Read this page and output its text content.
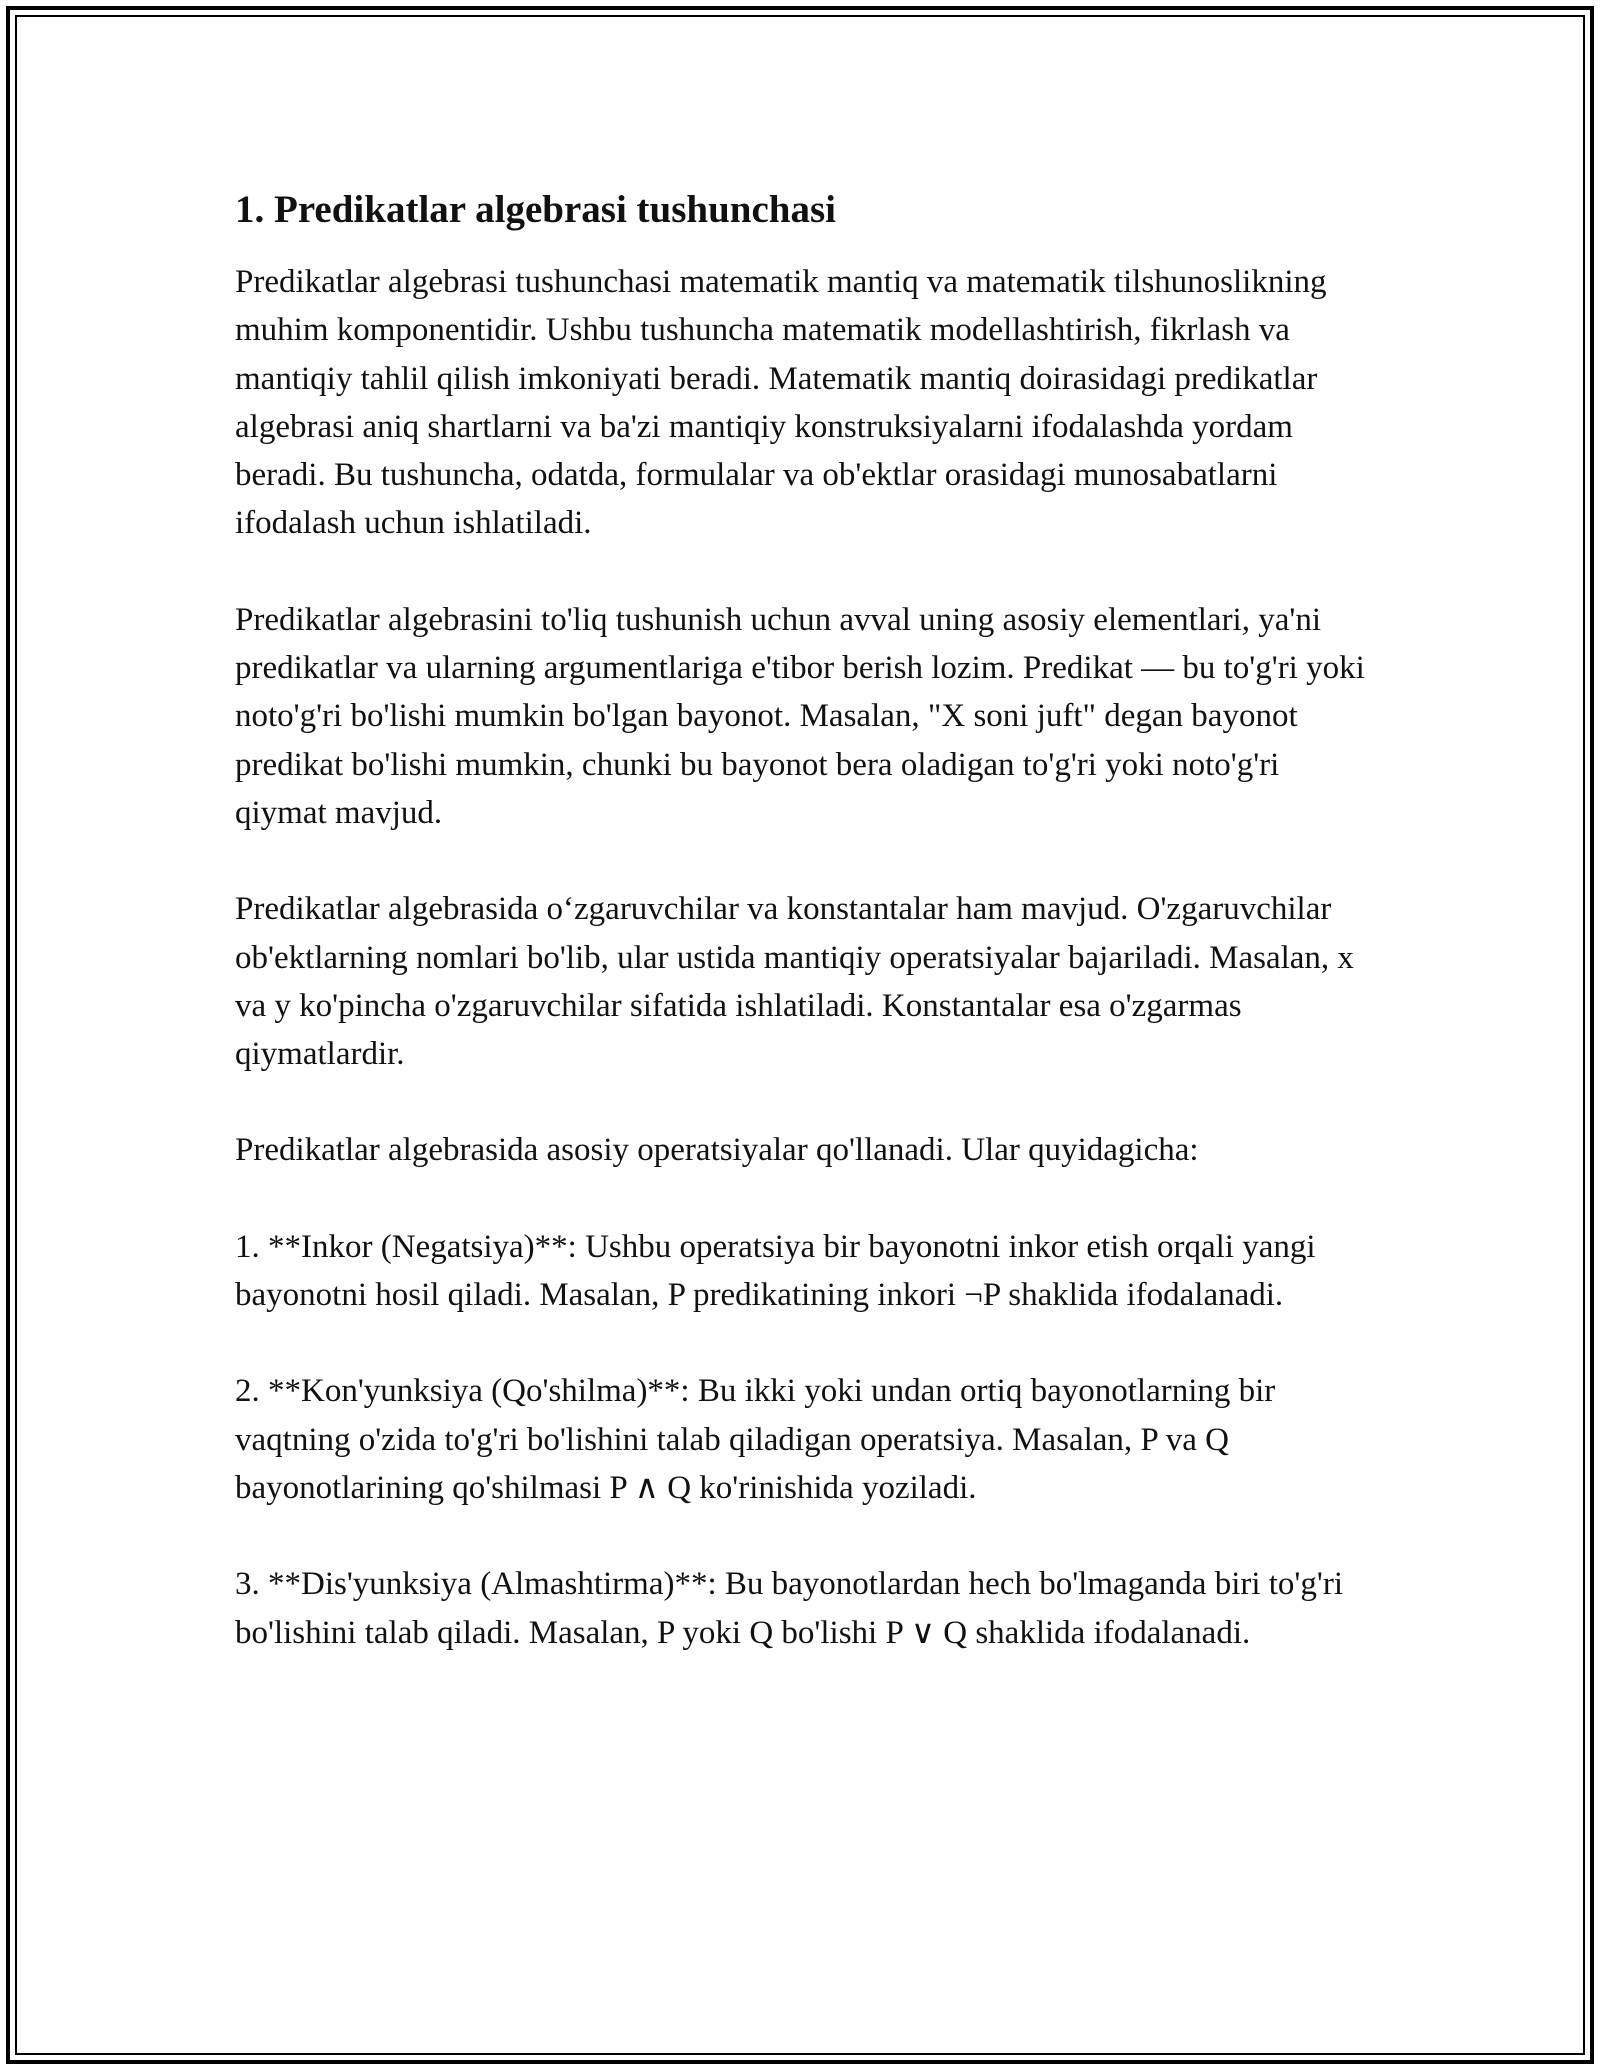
1. Predikatlar algebrasi tushunchasi

Predikatlar algebrasi tushunchasi matematik mantiq va matematik tilshunoslikning muhim komponentidir. Ushbu tushuncha matematik modellashtirish, fikrlash va mantiqiy tahlil qilish imkoniyati beradi. Matematik mantiq doirasidagi predikatlar algebrasi aniq shartlarni va ba'zi mantiqiy konstruksiyalarni ifodalashda yordam beradi. Bu tushuncha, odatda, formulalar va ob'ektlar orasidagi munosabatlarni ifodalash uchun ishlatiladi.

Predikatlar algebrasini to'liq tushunish uchun avval uning asosiy elementlari, ya'ni predikatlar va ularning argumentlariga e'tibor berish lozim. Predikat — bu to'g'ri yoki noto'g'ri bo'lishi mumkin bo'lgan bayonot. Masalan, "X soni juft" degan bayonot predikat bo'lishi mumkin, chunki bu bayonot bera oladigan to'g'ri yoki noto'g'ri qiymat mavjud.

Predikatlar algebrasida o‘zgaruvchilar va konstantalar ham mavjud. O'zgaruvchilar ob'ektlarning nomlari bo'lib, ular ustida mantiqiy operatsiyalar bajariladi. Masalan, x va y ko'pincha o'zgaruvchilar sifatida ishlatiladi. Konstantalar esa o'zgarmas qiymatlardir.

Predikatlar algebrasida asosiy operatsiyalar qo'llanadi. Ular quyidagicha:

1. **Inkor (Negatsiya)**: Ushbu operatsiya bir bayonotni inkor etish orqali yangi bayonotni hosil qiladi. Masalan, P predikatining inkori ¬P shaklida ifodalanadi.

2. **Kon'yunksiya (Qo'shilma)**: Bu ikki yoki undan ortiq bayonotlarning bir vaqtning o'zida to'g'ri bo'lishini talab qiladigan operatsiya. Masalan, P va Q bayonotlarining qo'shilmasi P ∧ Q ko'rinishida yoziladi.

3. **Dis'yunksiya (Almashtirma)**: Bu bayonotlardan hech bo'lmaganda biri to'g'ri bo'lishini talab qiladi. Masalan, P yoki Q bo'lishi P ∨ Q shaklida ifodalanadi.
